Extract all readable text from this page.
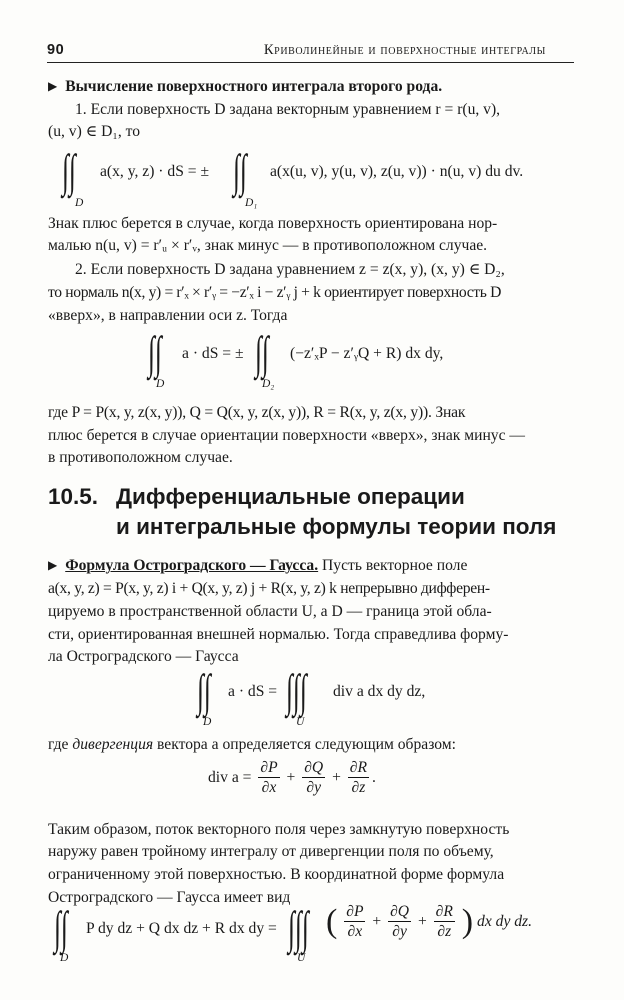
90	Криволинейные и поверхностные интегралы
▶ Вычисление поверхностного интеграла второго рода.
1. Если поверхность D задана векторным уравнением r = r(u, v),
(u, v) ∈ D₁, то
∫∫ a(x, y, z) · dS = ± ∫∫ a(x(u, v), y(u, v), z(u, v)) · n(u, v) du dv.
D	D₁
Знак плюс берется в случае, когда поверхность ориентирована нор-
малью n(u, v) = r′ᵤ × r′ᵥ, знак минус — в противоположном случае.
2. Если поверхность D задана уравнением z = z(x, y), (x, y) ∈ D₂,
то нормаль n(x, y) = r′ₓ × r′ᵧ = −z′ₓ i − z′ᵧ j + k ориентирует поверхность D
«вверх», в направлении оси z. Тогда
∫∫ a · dS = ± ∫∫ (−z′ₓP − z′ᵧQ + R) dx dy,
D	D₂
где P = P(x, y, z(x, y)), Q = Q(x, y, z(x, y)), R = R(x, y, z(x, y)). Знак
плюс берется в случае ориентации поверхности «вверх», знак минус —
в противоположном случае.
10.5. Дифференциальные операции
и интегральные формулы теории поля
▶ Формула Остроградского — Гаусса. Пусть векторное поле
a(x, y, z) = P(x, y, z) i + Q(x, y, z) j + R(x, y, z) k непрерывно дифферен-
цируемо в пространственной области U, а D — граница этой обла-
сти, ориентированная внешней нормалью. Тогда справедлива форму-
ла Остроградского — Гаусса
∫∫ a · dS = ∫∫∫ div a dx dy dz,
D	U
где дивергенция вектора a определяется следующим образом:
div $a = \frac{\partial P}{\partial x} + \frac{\partial Q}{\partial y} + \frac{\partial R}{\partial z}$ .
Таким образом, поток векторного поля через замкнутую поверхность
наружу равен тройному интегралу от дивергенции поля по объему,
ограниченному этой поверхностью. В координатной форме формула
Остроградского — Гаусса имеет вид
∫∫ P dy dz + Q dx dz + R dx dy = ∫∫∫ ( $\frac{\partial P}{\partial x} + \frac{\partial Q}{\partial y} + \frac{\partial R}{\partial z}$ ) dx dy dz.
D	U
